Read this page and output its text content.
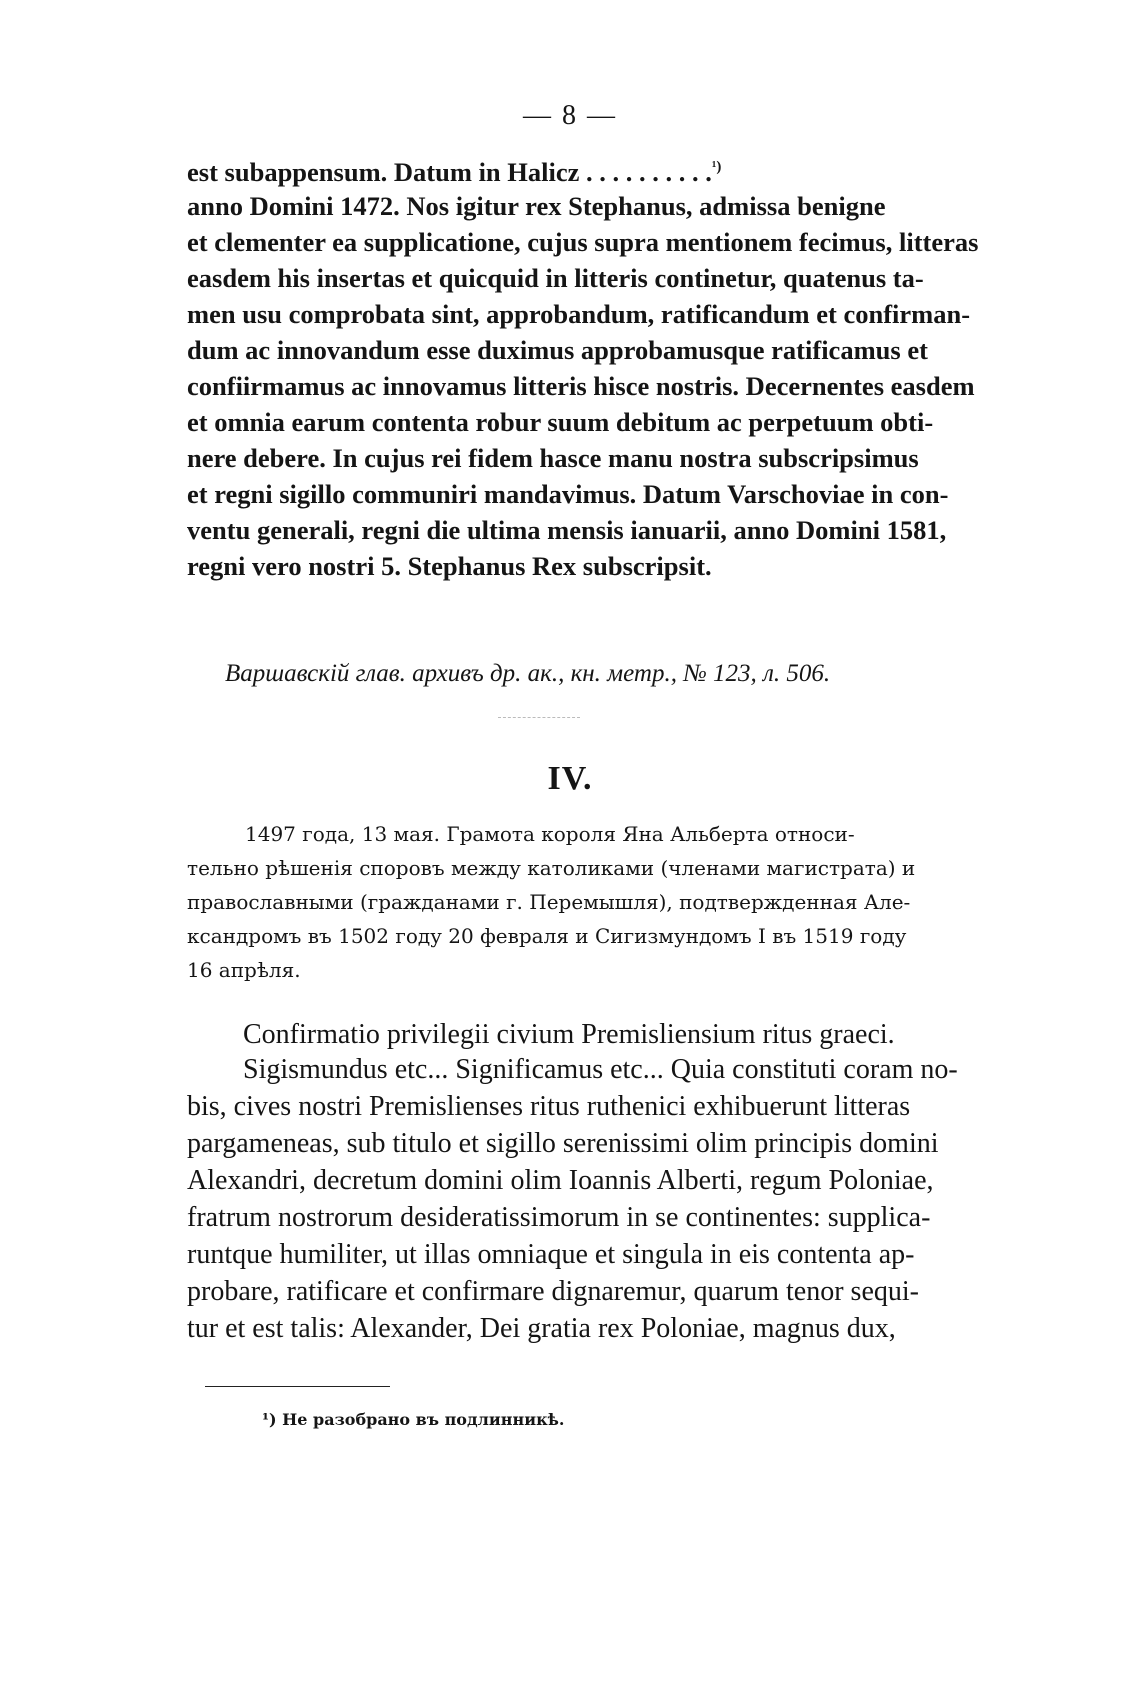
— 8 —
est subappensum. Datum in Halicz . . . . . . . . . .$^{^1)}$
anno Domini 1472. Nos igitur rex Stephanus, admissa benigne
et clementer ea supplicatione, cujus supra mentionem fecimus, litteras
easdem his insertas et quicquid in litteris continetur, quatenus ta-
men usu comprobata sint, approbandum, ratificandum et confirman-
dum ac innovandum esse duximus approbamusque ratificamus et
confiirmamus ac innovamus litteris hisce nostris. Decernentes easdem
et omnia earum contenta robur suum debitum ac perpetuum obti-
nere debere. In cujus rei fidem hasce manu nostra subscripsimus
et regni sigillo communiri mandavimus. Datum Varschoviae in con-
ventu generali, regni die ultima mensis ianuarii, anno Domini 1581,
regni vero nostri 5. Stephanus Rex subscripsit.
Варшавскій глав. архивъ др. ак., кн. метр., № 123, л. 506.
IV.
1497 года, 13 мая. Грамота короля Яна Альберта относи-
тельно рѣшенія споровъ между католиками (членами магистрата) и
православными (гражданами г. Перемышля), подтвержденная Але-
ксандромъ въ 1502 году 20 февраля и Сигизмундомъ I въ 1519 году
16 апрѣля.
Confirmatio privilegii civium Premisliensium ritus graeci.
Sigismundus etc... Significamus etc... Quia constituti coram no-
bis, cives nostri Premislienses ritus ruthenici exhibuerunt litteras
pargameneas, sub titulo et sigillo serenissimi olim principis domini
Alexandri, decretum domini olim Ioannis Alberti, regum Poloniae,
fratrum nostrorum desideratissimorum in se continentes: supplica-
runtque humiliter, ut illas omniaque et singula in eis contenta ap-
probare, ratificare et confirmare dignaremur, quarum tenor sequi-
tur et est talis: Alexander, Dei gratia rex Poloniae, magnus dux,
¹) Не разобрано въ подлинникѣ.
